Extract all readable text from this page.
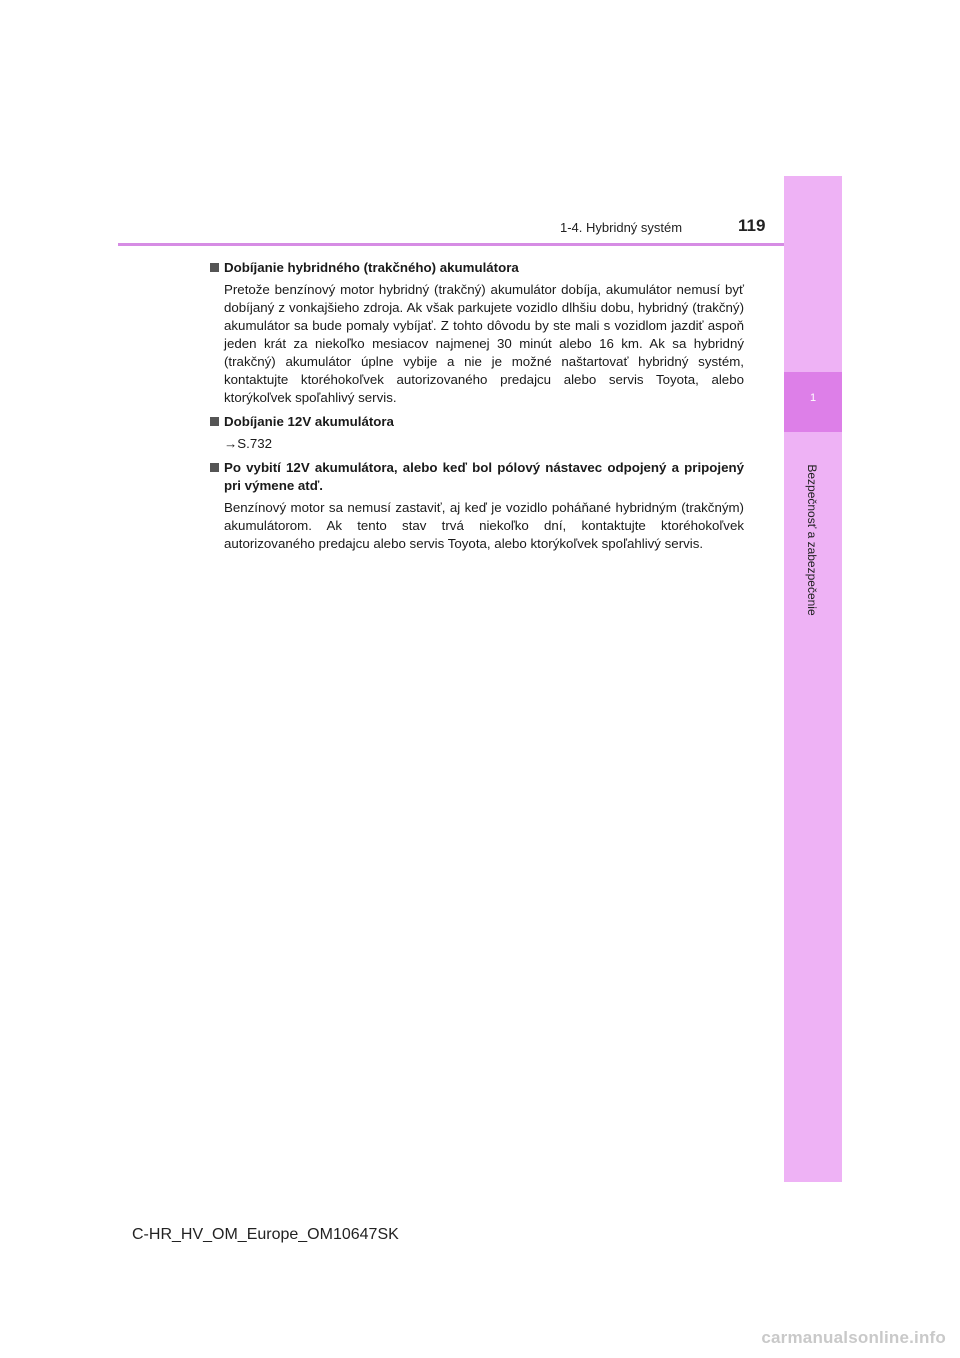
1
Bezpečnosť a zabezpečenie
1-4. Hybridný systém	119
Dobíjanie hybridného (trakčného) akumulátora
Pretože benzínový motor hybridný (trakčný) akumulátor dobíja, akumulátor nemusí byť dobíjaný z vonkajšieho zdroja. Ak však parkujete vozidlo dlhšiu dobu, hybridný (trakčný) akumulátor sa bude pomaly vybíjať. Z tohto dôvodu by ste mali s vozidlom jazdiť aspoň jeden krát za niekoľko mesiacov najmenej 30 minút alebo 16 km. Ak sa hybridný (trakčný) akumulátor úplne vybije a nie je možné naštartovať hybridný systém, kontaktujte ktoréhokoľvek autorizovaného predajcu alebo servis Toyota, alebo ktorýkoľvek spoľahlivý servis.
Dobíjanie 12V akumulátora
→S.732
Po vybití 12V akumulátora, alebo keď bol pólový nástavec odpojený a pripojený pri výmene atď.
Benzínový motor sa nemusí zastaviť, aj keď je vozidlo poháňané hybridným (trakčným) akumulátorom. Ak tento stav trvá niekoľko dní, kontaktujte ktoréhokoľvek autorizovaného predajcu alebo servis Toyota, alebo ktorýkoľvek spoľahlivý servis.
C-HR_HV_OM_Europe_OM10647SK
carmanualsonline.info
